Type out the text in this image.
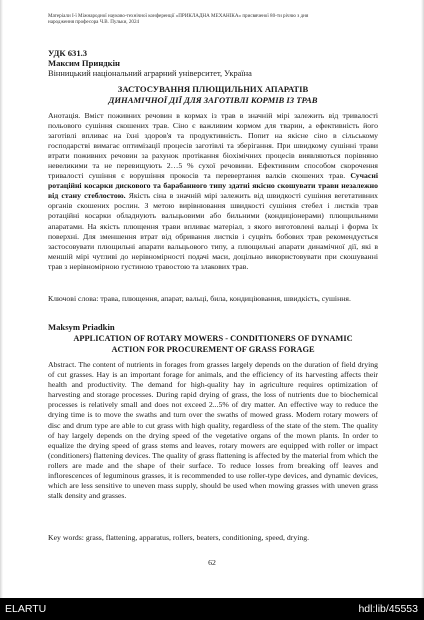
Матеріали I-ї Міжнародної науково-технічної конференції «ПРИКЛАДНА МЕХАНІКА» присвяченої 80-ти річчю з дня
народження професора Ч.В. Пульки, 2024
УДК 631.3
Максим Приндкін
Вінницький національний аграрний університет, Україна
ЗАСТОСУВАННЯ ПЛЮЩИЛЬНИХ АПАРАТІВ
ДИНАМІЧНОЇ ДІЇ ДЛЯ ЗАГОТІВЛІ КОРМІВ ІЗ ТРАВ

Анотація. Вміст поживних речовин в кормах із трав в значній мірі залежить від тривалості польового сушіння скошених трав. Сіно є важливим кормом для тварин, а ефективність його заготівлі впливає на їхні здоров'я та продуктивність. Попит на якісне сіно в сільському господарстві вимагає оптимізації процесів заготівлі та зберігання. При швидкому сушінні трави втрати поживних речовин за рахунок протікання біохімічних процесів виявляються порівняно невеликими та не перевищують 2…5 % сухої речовини. Ефективним способом скорочення тривалості сушіння є ворушіння прокосів та перевертання валків скошених трав. Сучасні ротаційні косарки дискового та барабанного типу здатні якісно скошувати трави незалежно від стану стеблостою. Якість сіна в значній мірі залежить від швидкості сушіння вегетативних органів скошених рослин. З метою вирівнювання швидкості сушіння стебел і листків трав ротаційні косарки обладнують вальцьовими або бильними (кондиціонерами) плющильними апаратами. На якість плющення трави впливає матеріал, з якого виготовлені вальці і форма їх поверхні. Для зменшення втрат від обривання листків і суцвіть бобових трав рекомендується застосовувати плющильні апарати вальцьового типу, а плющильні апарати динамічної дії, які в меншій мірі чутливі до нерівномірності подачі маси, доцільно використовувати при скошуванні трав з нерівномірною густиною травостою та злакових трав.

Ключові слова: трава, плющення, апарат, вальці, била, кондиціювання, швидкість, сушіння.
Maksym Priadkin
APPLICATION OF ROTARY MOWERS - CONDITIONERS OF DYNAMIC
ACTION FOR PROCUREMENT OF GRASS FORAGE

Abstract. The content of nutrients in forages from grasses largely depends on the duration of field drying of cut grasses. Hay is an important forage for animals, and the efficiency of its harvesting affects their health and productivity. The demand for high-quality hay in agriculture requires optimization of harvesting and storage processes. During rapid drying of grass, the loss of nutrients due to biochemical processes is relatively small and does not exceed 2...5% of dry matter. An effective way to reduce the drying time is to move the swaths and turn over the swaths of mowed grass. Modern rotary mowers of disc and drum type are able to cut grass with high quality, regardless of the state of the stem. The quality of hay largely depends on the drying speed of the vegetative organs of the mown plants. In order to equalize the drying speed of grass stems and leaves, rotary mowers are equipped with roller or impact (conditioners) flattening devices. The quality of grass flattening is affected by the material from which the rollers are made and the shape of their surface. To reduce losses from breaking off leaves and inflorescences of leguminous grasses, it is recommended to use roller-type devices, and dynamic devices, which are less sensitive to uneven mass supply, should be used when mowing grasses with uneven grass stalk density and grasses.

Key words: grass, flattening, apparatus, rollers, beaters, conditioning, speed, drying.
62
ELARTU	hdl:lib/45553
